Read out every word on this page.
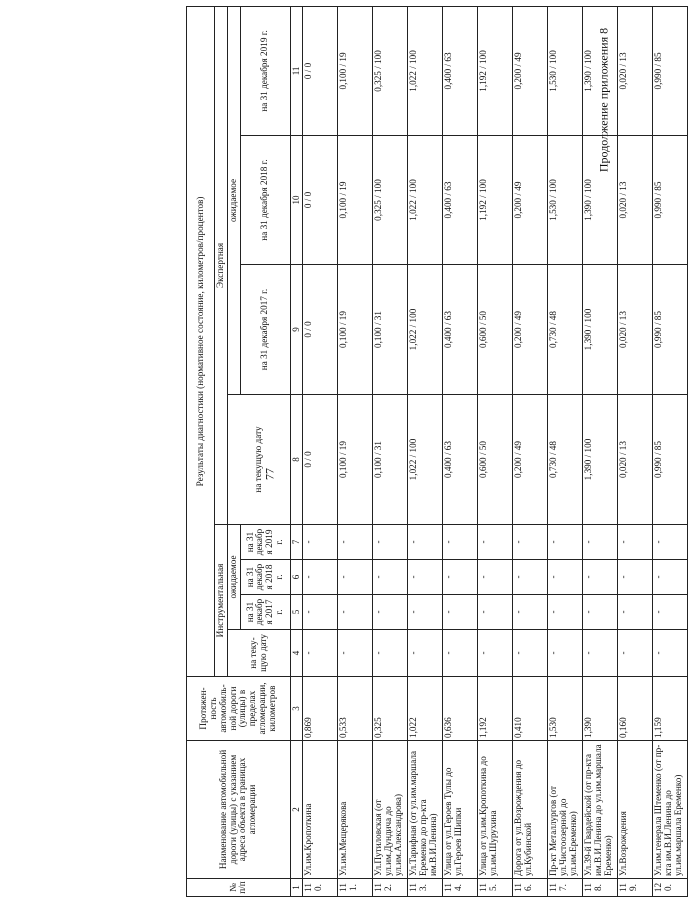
77
Продолжение приложения 8
№ п/п	Наименование автомобильной дороги (улицы) с указанием адреса объекта в границах агломерации	Протяжен-ность автомобиль-ной дороги (улицы) в пределах агломерации, километров	Результаты диагностики (нормативное состояние, километров/процентов)							
			Инструментальная				Экспертная			
			на теку-щую дату	ожидаемое			на текущую дату	ожидаемое		
				на 31 декабря 2017 г.	на 31 декабря 2018 г.	на 31 декабря 2019 г.		на 31 декабря 2017 г.	на 31 декабря 2018 г.	на 31 декабря 2019 г.
1	2	3	4	5	6	7	8	9	10	11
110.	Ул.им.Кропоткина	0,869	-	-	-	-	0 / 0	0 / 0	0 / 0	0 / 0
111.	Ул.им.Мещерякова	0,533	-	-	-	-	0,100 / 19	0,100 / 19	0,100 / 19	0,100 / 19
112.	Ул.Путиловская (от ул.им.Дундича до ул.им.Александрова)	0,325	-	-	-	-	0,100 / 31	0,100 / 31	0,325 / 100	0,325 / 100
113.	Ул.Тарифная (от ул.им.маршала Еременко до пр-кта им.В.И.Ленина)	1,022	-	-	-	-	1,022 / 100	1,022 / 100	1,022 / 100	1,022 / 100
114.	Улица от ул.Героев Тулы до ул.Героев Шипки	0,636	-	-	-	-	0,400 / 63	0,400 / 63	0,400 / 63	0,400 / 63
115.	Улица от ул.им.Кропоткина до ул.им.Шурухина	1,192	-	-	-	-	0,600 / 50	0,600 / 50	1,192 / 100	1,192 / 100
116.	Дорога от ул.Возрождения до ул.Кубинской	0,410	-	-	-	-	0,200 / 49	0,200 / 49	0,200 / 49	0,200 / 49
117.	Пр-кт Металлургов (от ул.Чистоозерной до ул.им.Еременко)	1,530	-	-	-	-	0,730 / 48	0,730 / 48	1,530 / 100	1,530 / 100
118.	Ул.39-й Гвардейской (от пр-кта им.В.И.Ленина до ул.им.маршала Еременко)	1,390	-	-	-	-	1,390 / 100	1,390 / 100	1,390 / 100	1,390 / 100
119.	Ул.Возрождения	0,160	-	-	-	-	0,020 / 13	0,020 / 13	0,020 / 13	0,020 / 13
120.	Ул.им.генерала Штеменко (от пр-кта им.В.И.Ленина до ул.им.маршала Еременко)	1,159	-	-	-	-	0,990 / 85	0,990 / 85	0,990 / 85	0,990 / 85
